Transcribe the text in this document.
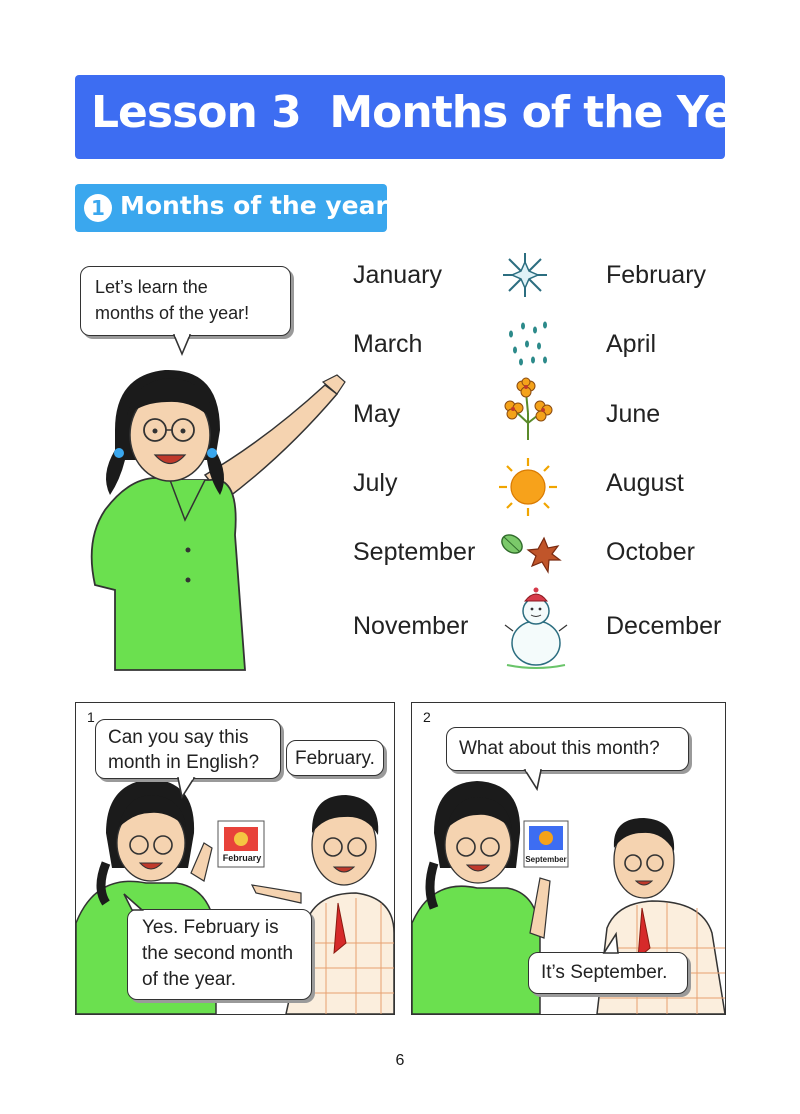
Lesson 3  Months of the Year
1 Months of the year
Let’s learn the
months of the year!
January
March
May
July
September
November
February
April
June
August
October
December
1
February
Can you say this
month in English?	February.
Yes. February is
the second month
of the year.
2
September
What about this month?
It’s September.
6
